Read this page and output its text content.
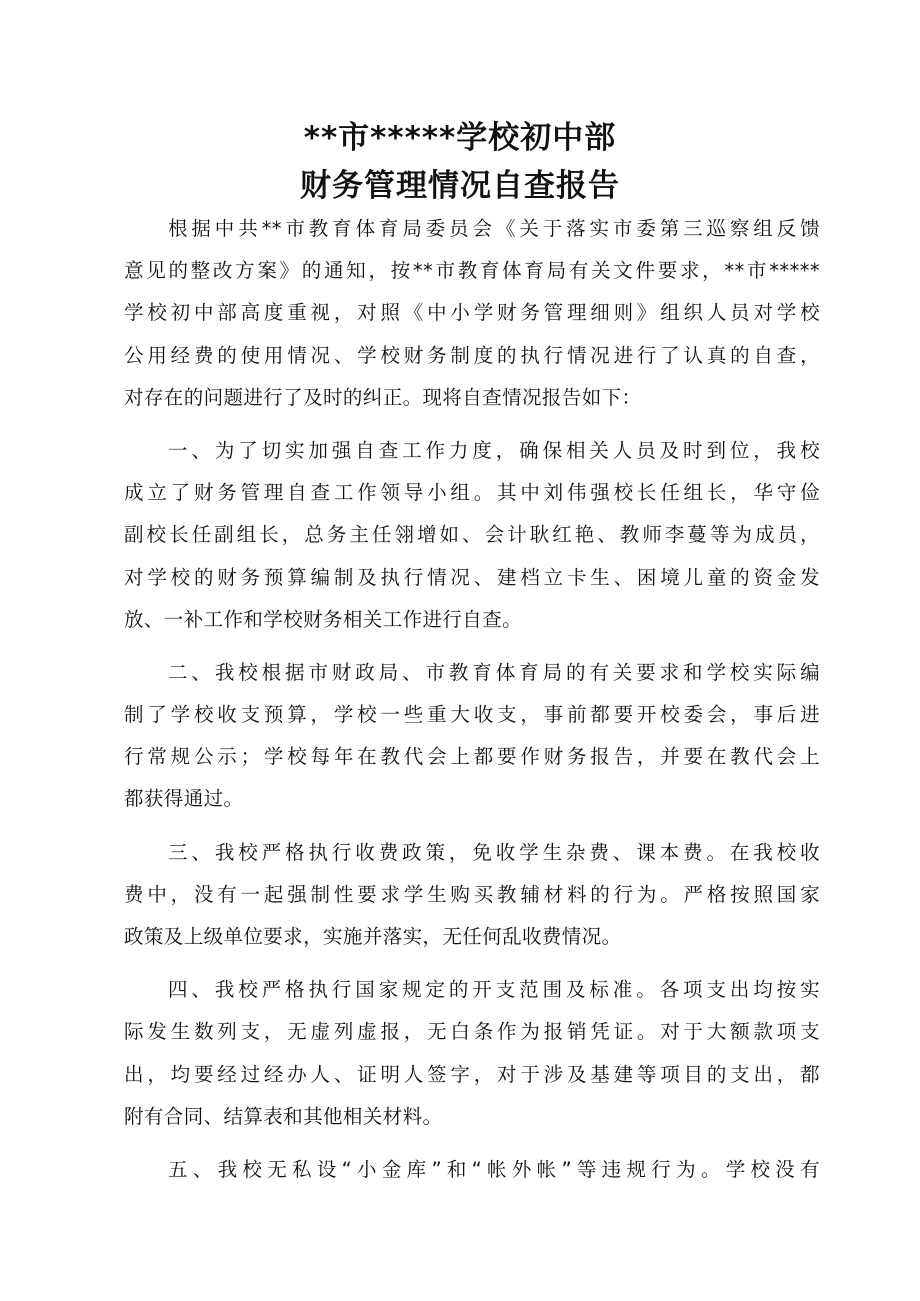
**市*****学校初中部
财务管理情况自查报告
根据中共**市教育体育局委员会《关于落实市委第三巡察组反馈
意见的整改方案》的通知，按**市教育体育局有关文件要求，**市*****
学校初中部高度重视，对照《中小学财务管理细则》组织人员对学校
公用经费的使用情况、学校财务制度的执行情况进行了认真的自查，
对存在的问题进行了及时的纠正。现将自查情况报告如下：
一、为了切实加强自查工作力度，确保相关人员及时到位，我校
成立了财务管理自查工作领导小组。其中刘伟强校长任组长，华守俭
副校长任副组长，总务主任翎增如、会计耿红艳、教师李蔓等为成员，
对学校的财务预算编制及执行情况、建档立卡生、困境儿童的资金发
放、一补工作和学校财务相关工作进行自查。
二、我校根据市财政局、市教育体育局的有关要求和学校实际编
制了学校收支预算，学校一些重大收支，事前都要开校委会，事后进
行常规公示；学校每年在教代会上都要作财务报告，并要在教代会上
都获得通过。
三、我校严格执行收费政策，免收学生杂费、课本费。在我校收
费中，没有一起强制性要求学生购买教辅材料的行为。严格按照国家
政策及上级单位要求，实施并落实，无任何乱收费情况。
四、我校严格执行国家规定的开支范围及标准。各项支出均按实
际发生数列支，无虚列虚报，无白条作为报销凭证。对于大额款项支
出，均要经过经办人、证明人签字，对于涉及基建等项目的支出，都
附有合同、结算表和其他相关材料。
五、我校无私设“小金库”和“帐外帐”等违规行为。学校没有
